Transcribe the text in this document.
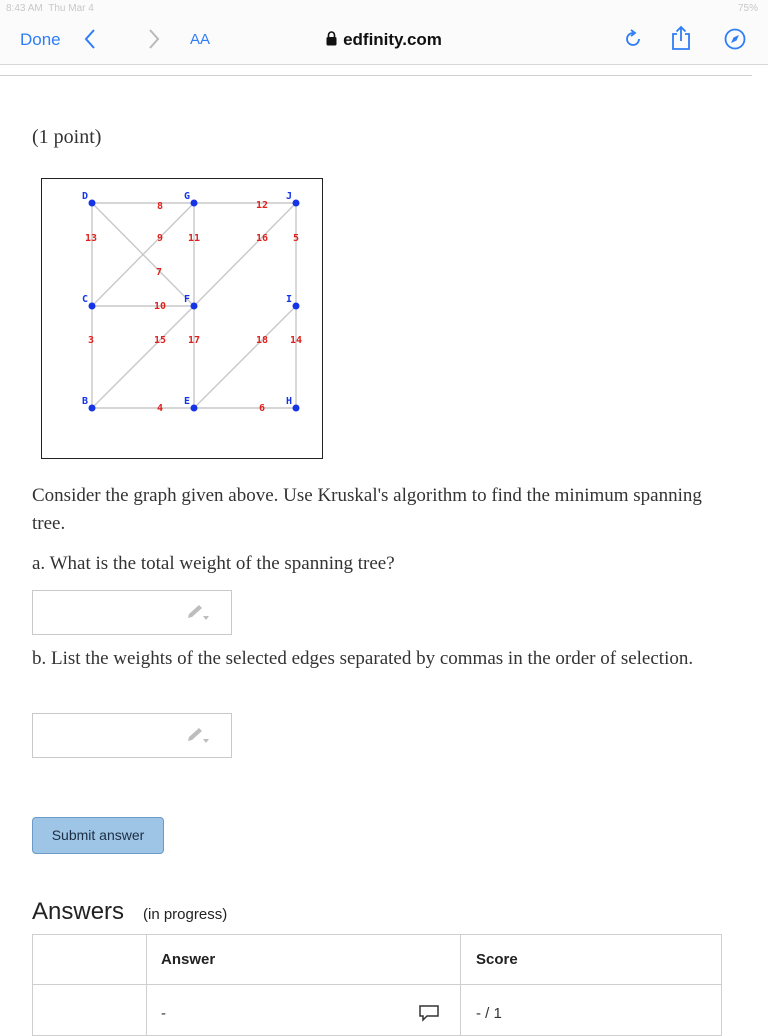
8:43 AM Thu Mar 4	75%
Done	AA	edfinity.com
(1 point)
8	12
13	9 11	16 5
7
10
3	15 17	18 14
4	6
D	G	J
C	F	I
B	E	H
Consider the graph given above. Use Kruskal's algorithm to find the minimum spanning tree.
a. What is the total weight of the spanning tree?
b. List the weights of the selected edges separated by commas in the order of selection.
Submit answer
Answers (in progress)
Answer	Score
-	- / 1
